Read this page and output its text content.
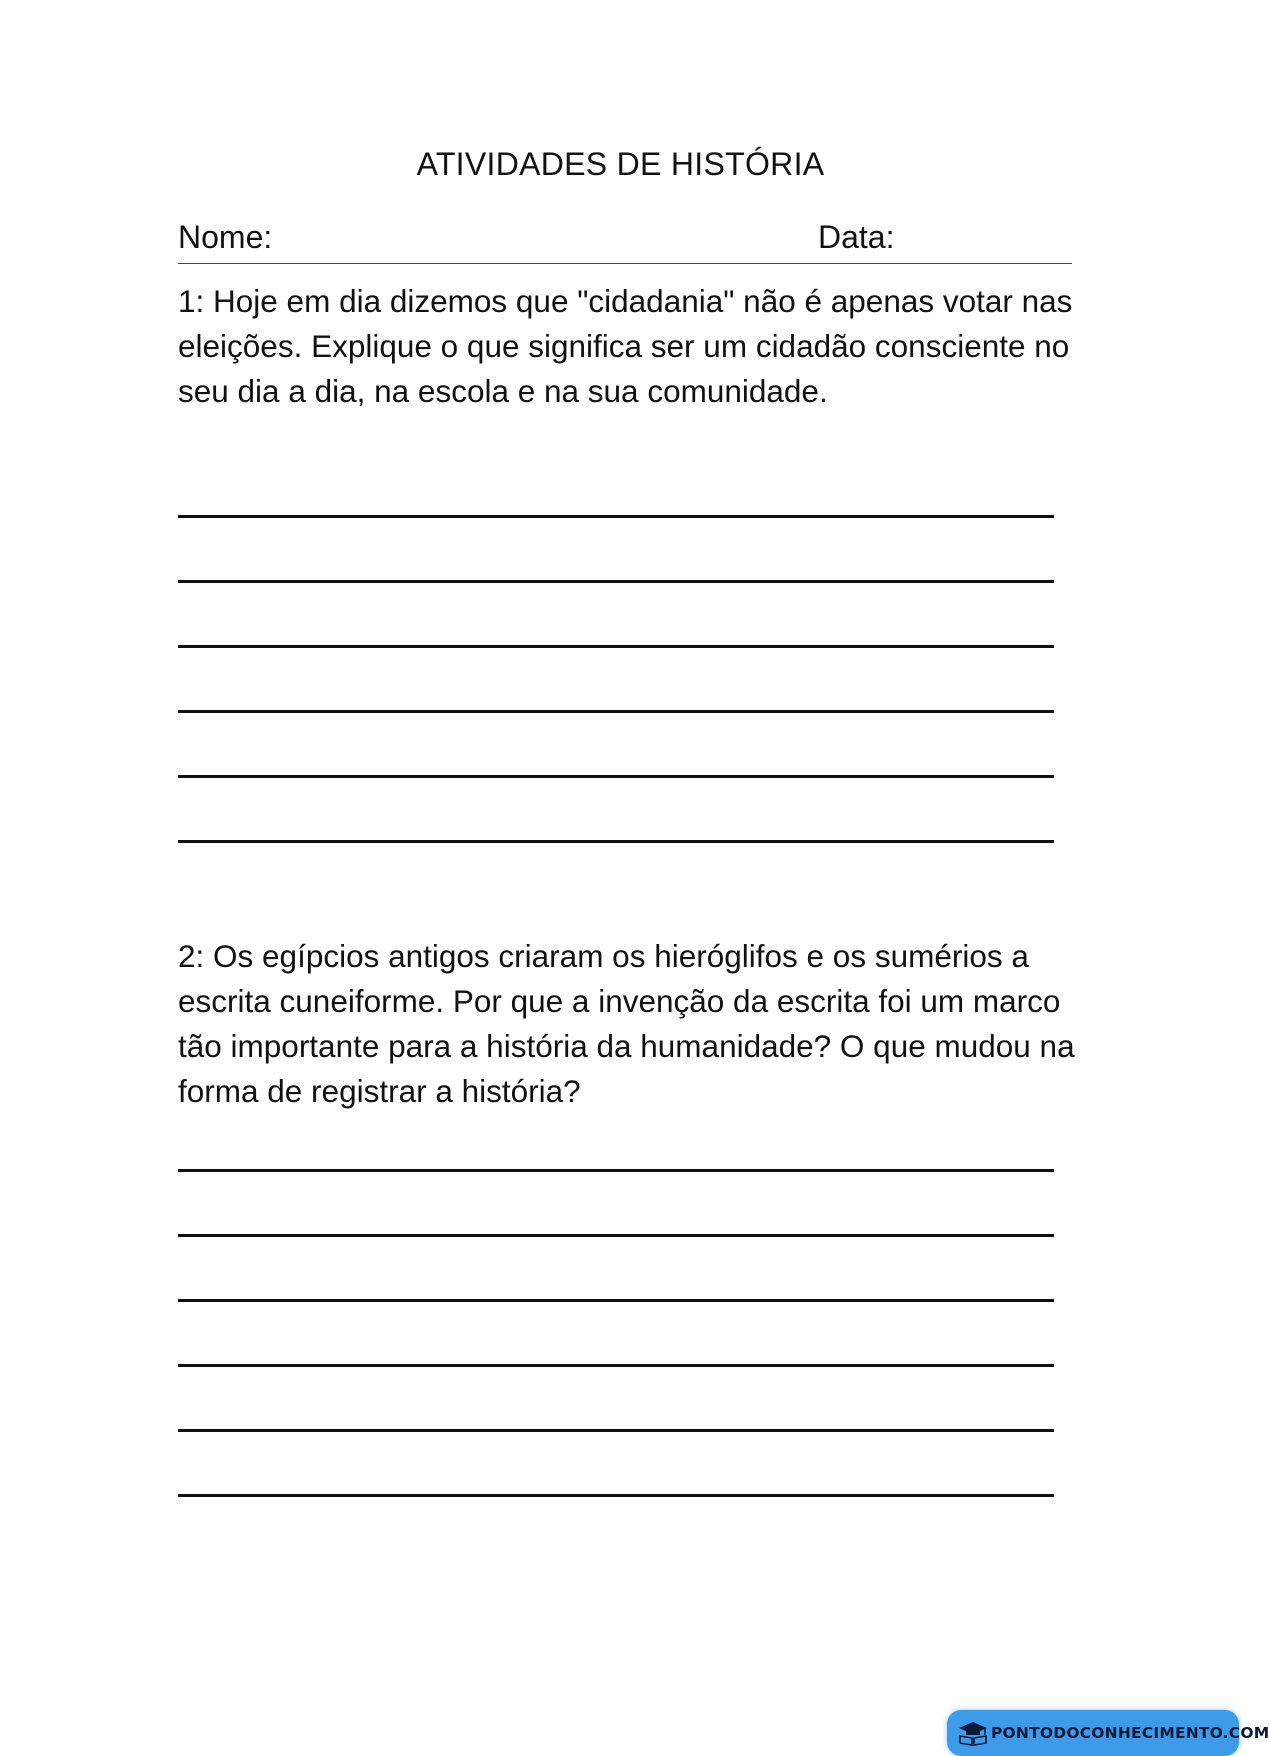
ATIVIDADES DE HISTÓRIA
Nome:	Data:

1: Hoje em dia dizemos que "cidadania" não é apenas votar nas eleições. Explique o que significa ser um cidadão consciente no seu dia a dia, na escola e na sua comunidade.

2: Os egípcios antigos criaram os hieróglifos e os sumérios a escrita cuneiforme. Por que a invenção da escrita foi um marco tão importante para a história da humanidade? O que mudou na forma de registrar a história?

PONTODOCONHECIMENTO.COM
